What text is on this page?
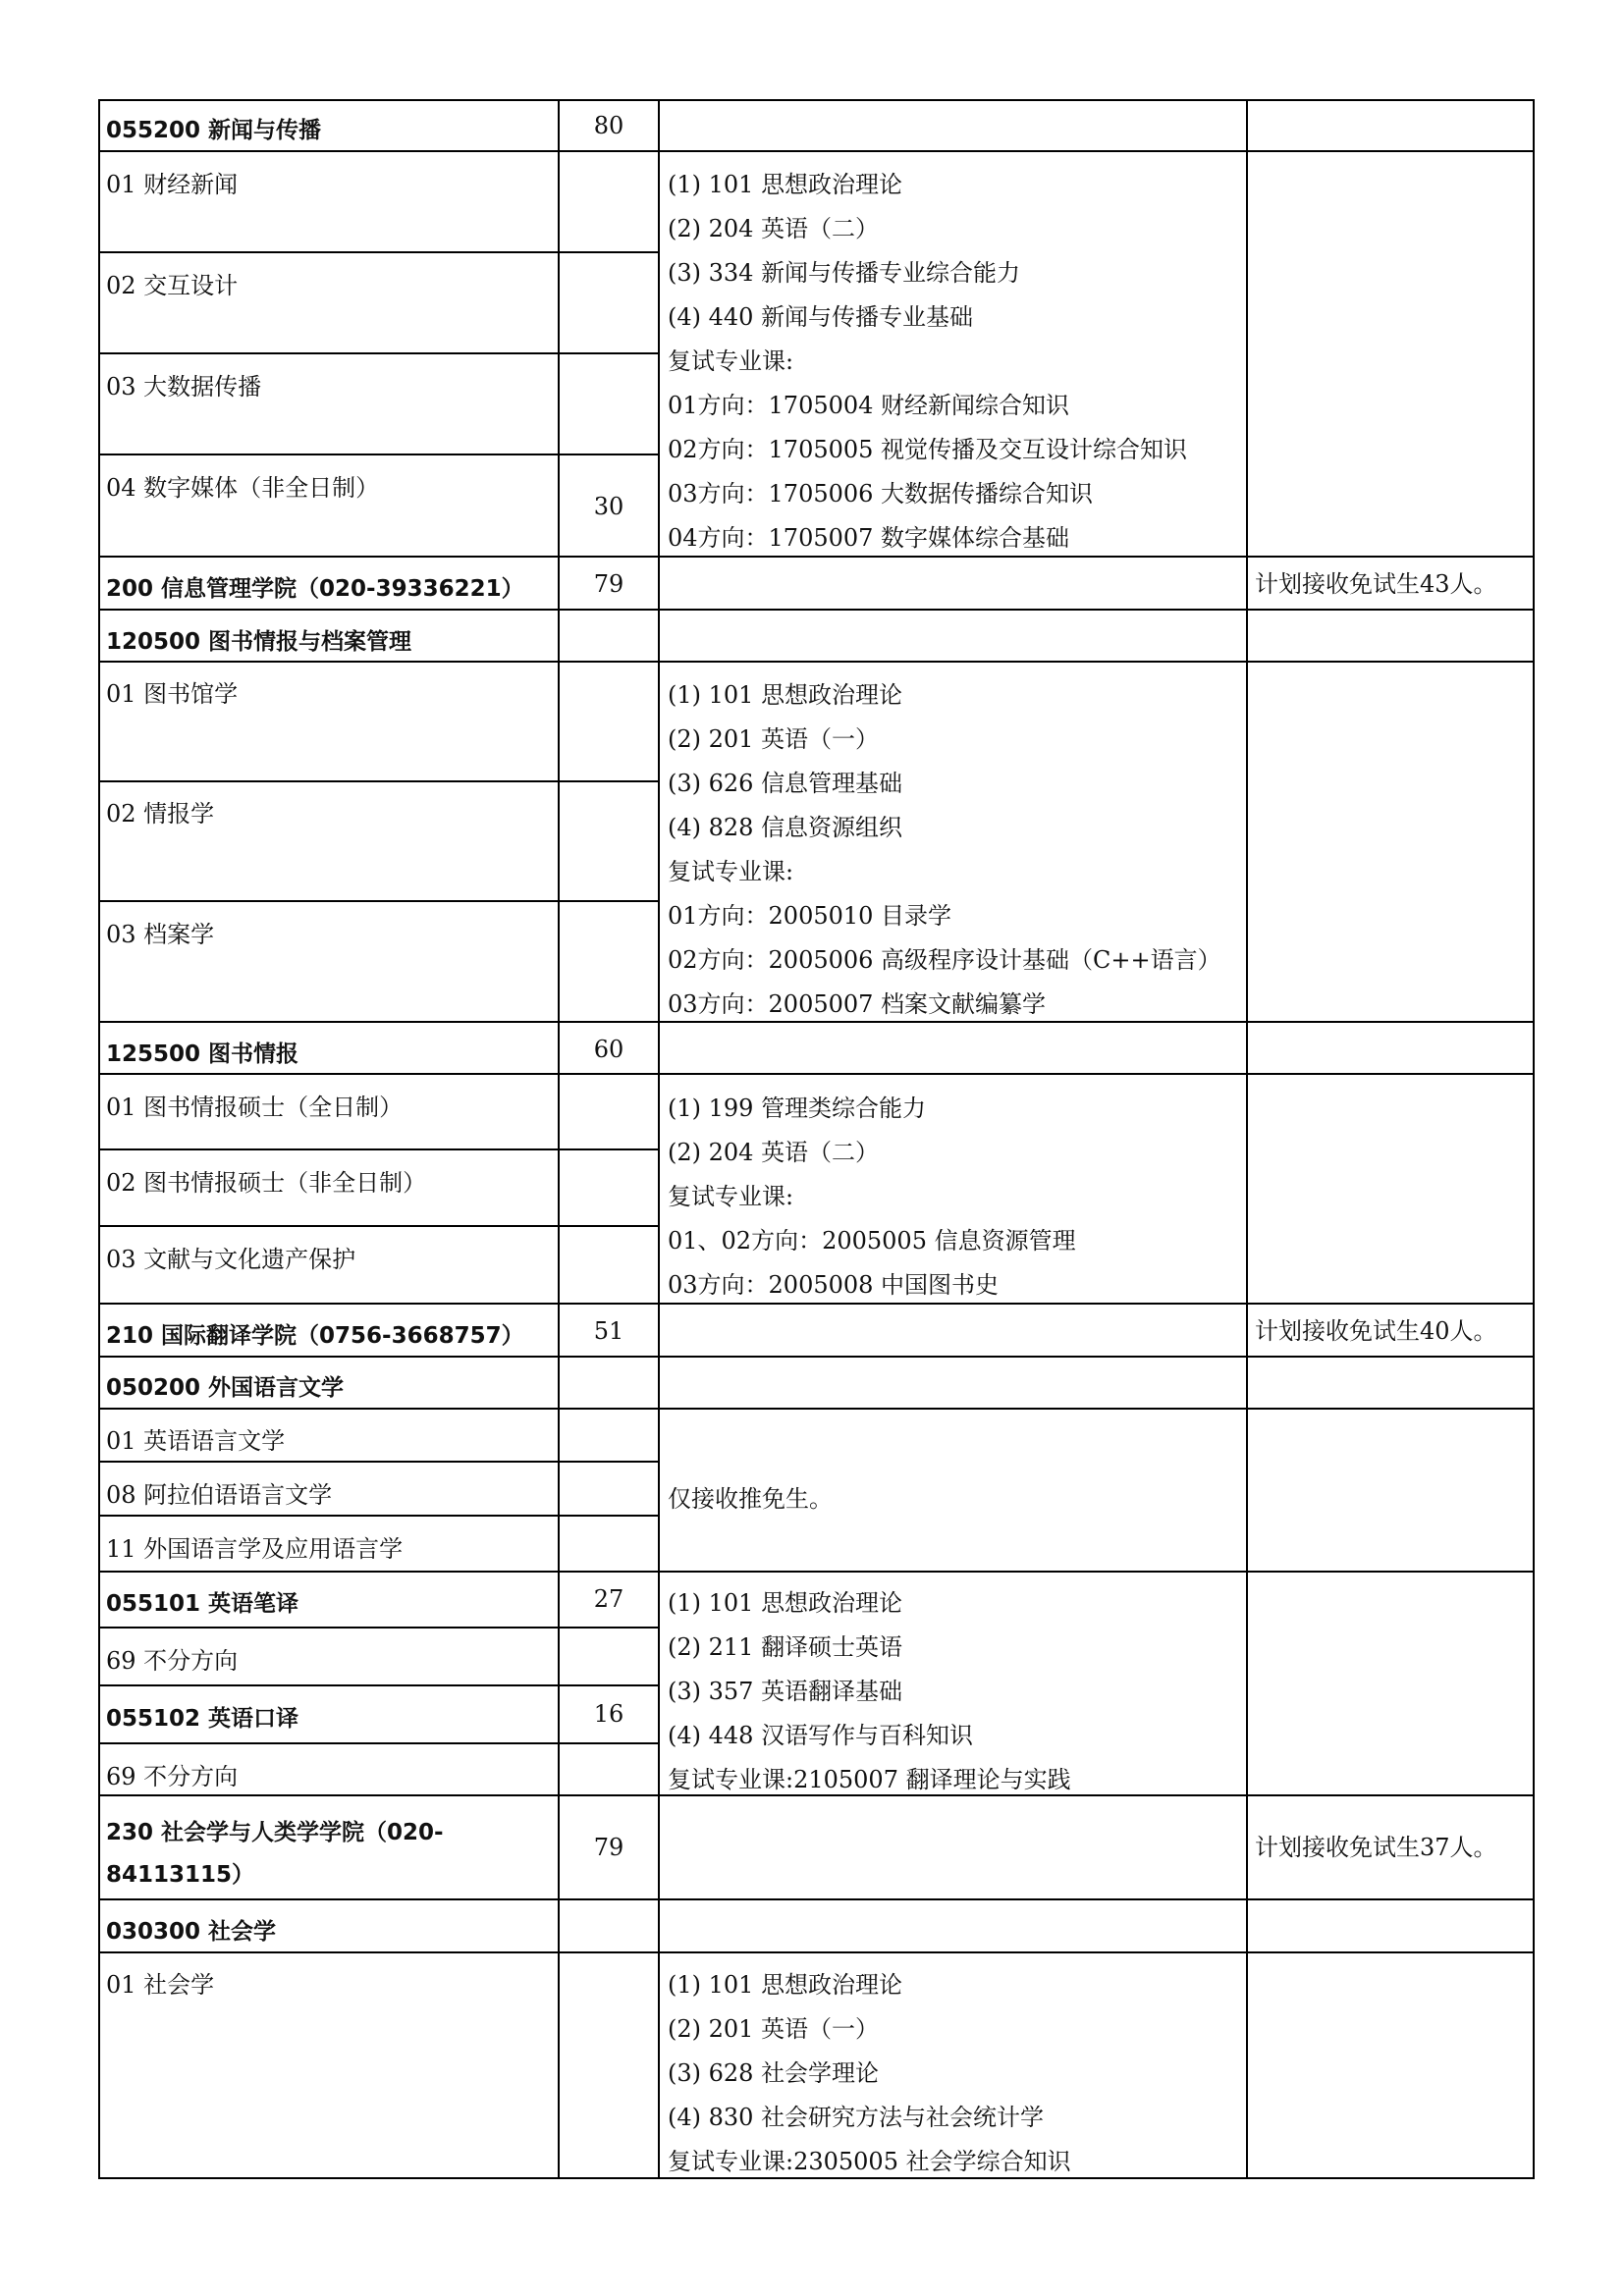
055200 新闻与传播
01 财经新闻
02 交互设计
03 大数据传播
04 数字媒体（非全日制）
200 信息管理学院（020-39336221）
120500 图书情报与档案管理
01 图书馆学
02 情报学
03 档案学
125500 图书情报
01 图书情报硕士（全日制）
02 图书情报硕士（非全日制）
03 文献与文化遗产保护
210 国际翻译学院（0756-3668757）
050200 外国语言文学
01 英语语言文学
08 阿拉伯语语言文学
11 外国语言学及应用语言学
055101 英语笔译
69 不分方向
055102 英语口译
69 不分方向
230 社会学与人类学学院（020-
84113115）
030300 社会学
01 社会学
80
30
79
60
51
27
16
79
(1) 101 思想政治理论
(2) 204 英语（二）
(3) 334 新闻与传播专业综合能力
(4) 440 新闻与传播专业基础
复试专业课:
01方向：1705004 财经新闻综合知识
02方向：1705005 视觉传播及交互设计综合知识
03方向：1705006 大数据传播综合知识
04方向：1705007 数字媒体综合基础
(1) 101 思想政治理论
(2) 201 英语（一）
(3) 626 信息管理基础
(4) 828 信息资源组织
复试专业课:
01方向：2005010 目录学
02方向：2005006 高级程序设计基础（C++语言）
03方向：2005007 档案文献编纂学
(1) 199 管理类综合能力
(2) 204 英语（二）
复试专业课:
01、02方向：2005005 信息资源管理
03方向：2005008 中国图书史
仅接收推免生。
(1) 101 思想政治理论
(2) 211 翻译硕士英语
(3) 357 英语翻译基础
(4) 448 汉语写作与百科知识
复试专业课:2105007 翻译理论与实践
(1) 101 思想政治理论
(2) 201 英语（一）
(3) 628 社会学理论
(4) 830 社会研究方法与社会统计学
复试专业课:2305005 社会学综合知识
计划接收免试生43人。
计划接收免试生40人。
计划接收免试生37人。
